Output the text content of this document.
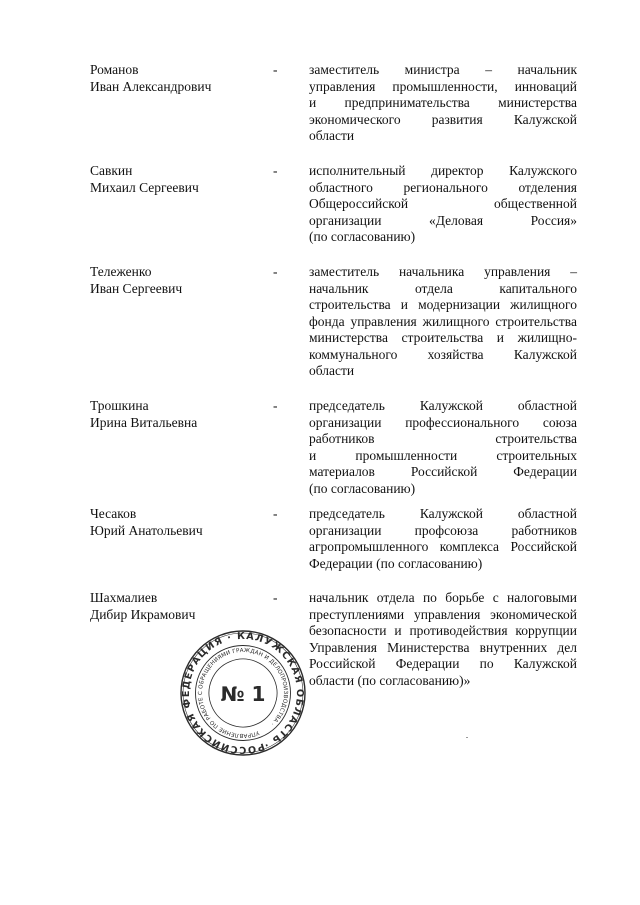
Романов
Иван Александрович
- заместитель министра – начальник
управления промышленности, инноваций
и предпринимательства министерства
экономического развития Калужской
области
Савкин
Михаил Сергеевич
- исполнительный директор Калужского
областного регионального отделения
Общероссийской общественной
организации «Деловая Россия»
(по согласованию)
Тележенко
Иван Сергеевич
- заместитель начальника управления –
начальник отдела капитального
строительства и модернизации жилищного
фонда управления жилищного строительства
министерства строительства и жилищно-
коммунального хозяйства Калужской
области
Трошкина
Ирина Витальевна
- председатель Калужской областной
организации профессионального союза
работников строительства
и промышленности строительных
материалов Российской Федерации
(по согласованию)
Чесаков
Юрий Анатольевич
- председатель Калужской областной
организации профсоюза работников
агропромышленного комплекса Российской
Федерации (по согласованию)
Шахмалиев
Дибир Икрамович
- начальник отдела по борьбе с налоговыми
преступлениями управления экономической
безопасности и противодействия коррупции
Управления Министерства внутренних дел
Российской Федерации по Калужской
области (по согласованию)»
РОССИЙСКАЯ ФЕДЕРАЦИЯ · КАЛУЖСКАЯ ОБЛАСТЬ ·
УПРАВЛЕНИЕ ПО РАБОТЕ С ОБРАЩЕНИЯМИ ГРАЖДАН И ДЕЛОПРОИЗВОДСТВА ·
№ 1
